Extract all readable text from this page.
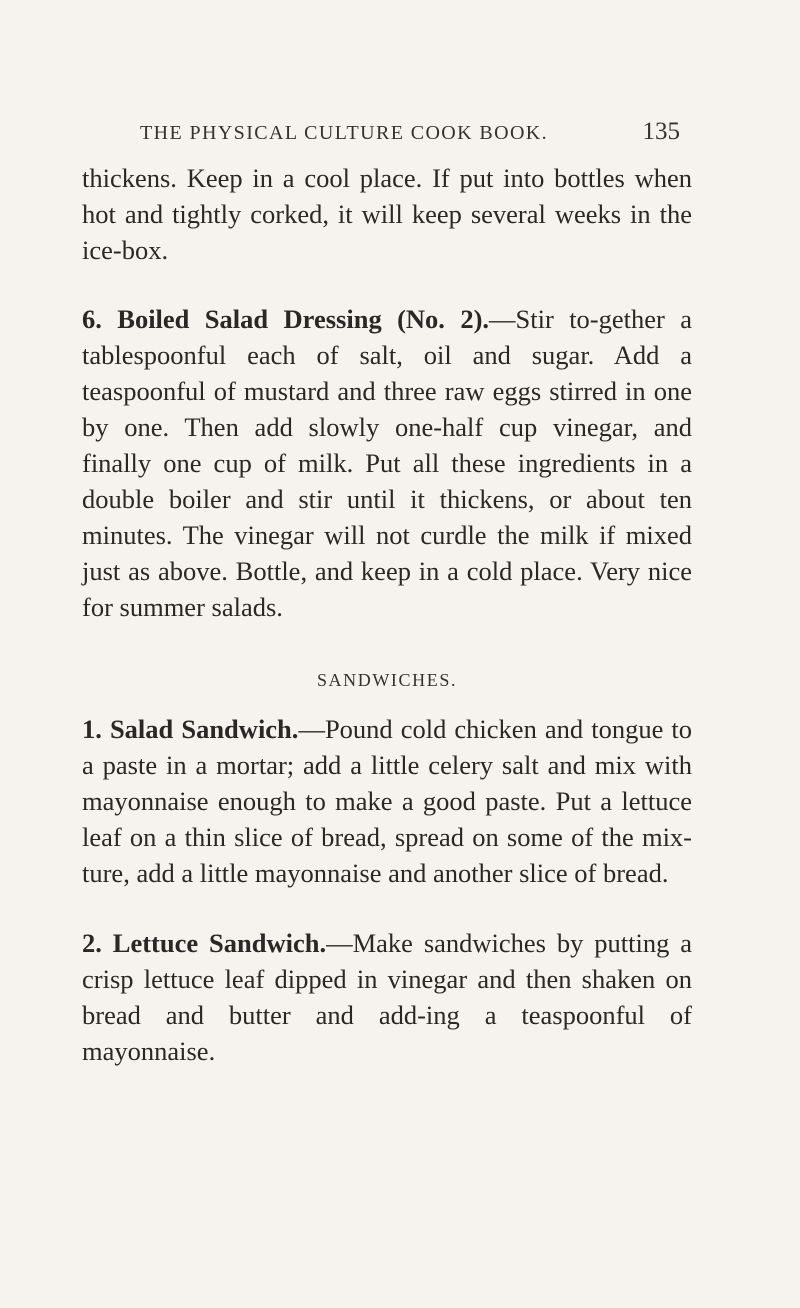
THE PHYSICAL CULTURE COOK BOOK.	135

thickens. Keep in a cool place. If put into bottles when hot and tightly corked, it will keep several weeks in the ice-box.

6. Boiled Salad Dressing (No. 2).—Stir to-gether a tablespoonful each of salt, oil and sugar. Add a teaspoonful of mustard and three raw eggs stirred in one by one. Then add slowly one-half cup vinegar, and finally one cup of milk. Put all these ingredients in a double boiler and stir until it thickens, or about ten minutes. The vinegar will not curdle the milk if mixed just as above. Bottle, and keep in a cold place. Very nice for summer salads.

SANDWICHES.

1. Salad Sandwich.—Pound cold chicken and tongue to a paste in a mortar; add a little celery salt and mix with mayonnaise enough to make a good paste. Put a lettuce leaf on a thin slice of bread, spread on some of the mix-ture, add a little mayonnaise and another slice of bread.

2. Lettuce Sandwich.—Make sandwiches by putting a crisp lettuce leaf dipped in vinegar and then shaken on bread and butter and add-ing a teaspoonful of mayonnaise.
